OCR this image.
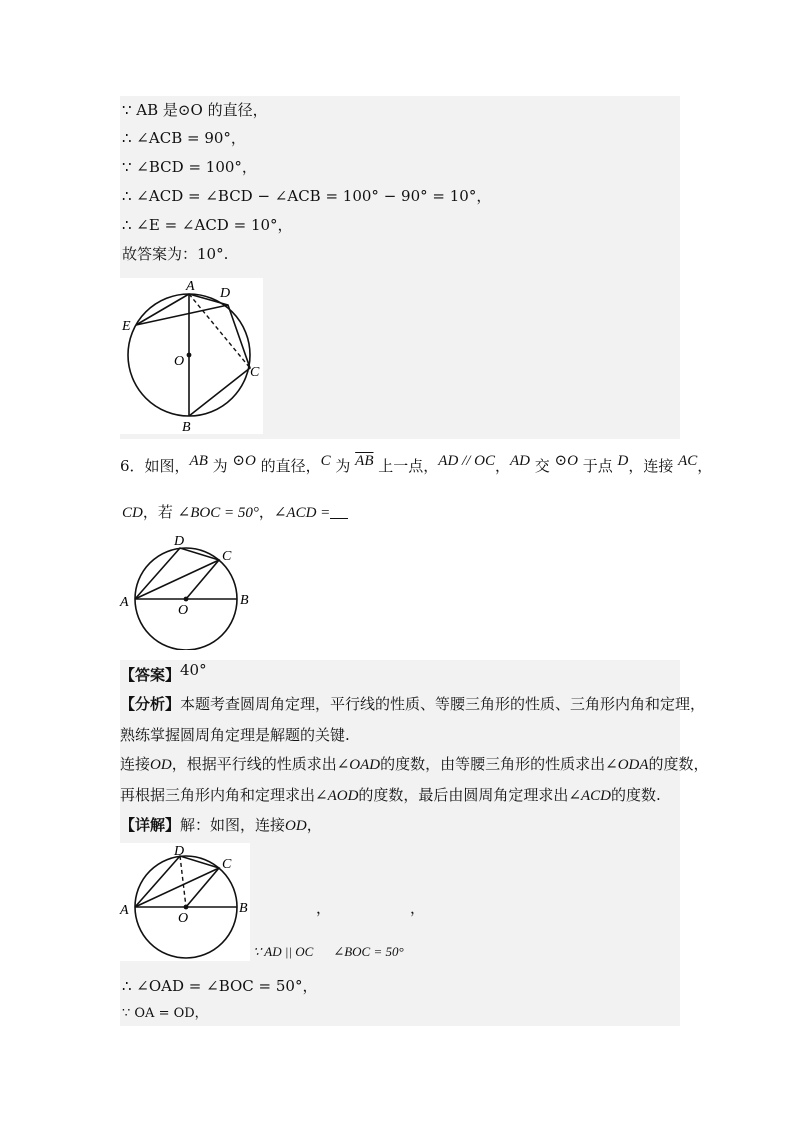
∵ AB 是⊙O 的直径，
∴ ∠ACB = 90°，
∵ ∠BCD = 100°，
∴ ∠ACD = ∠BCD − ∠ACB = 100° − 90° = 10°，
∴ ∠E = ∠ACD = 10°，
故答案为：10°.
A D
E
O
C
B
6．如图，AB 为 ⊙O 的直径，C 为 $\overline{AB}$ 上一点，AD // OC，AD 交 ⊙O 于点 D，连接 AC，
CD，若 ∠BOC = 50°，∠ACD =
D
C
A
O
B
【答案】40°
【分析】本题考查圆周角定理，平行线的性质、等腰三角形的性质、三角形内角和定理，
熟练掌握圆周角定理是解题的关键.
连接OD，根据平行线的性质求出∠OAD的度数，由等腰三角形的性质求出∠ODA的度数，
再根据三角形内角和定理求出∠AOD的度数，最后由圆周角定理求出∠ACD的度数.
【详解】解：如图，连接OD，
D
C
A
O
B	，	，
∵ AD || OC ∠BOC = 50°
∴ ∠OAD = ∠BOC = 50°，
∵ OA = OD，
